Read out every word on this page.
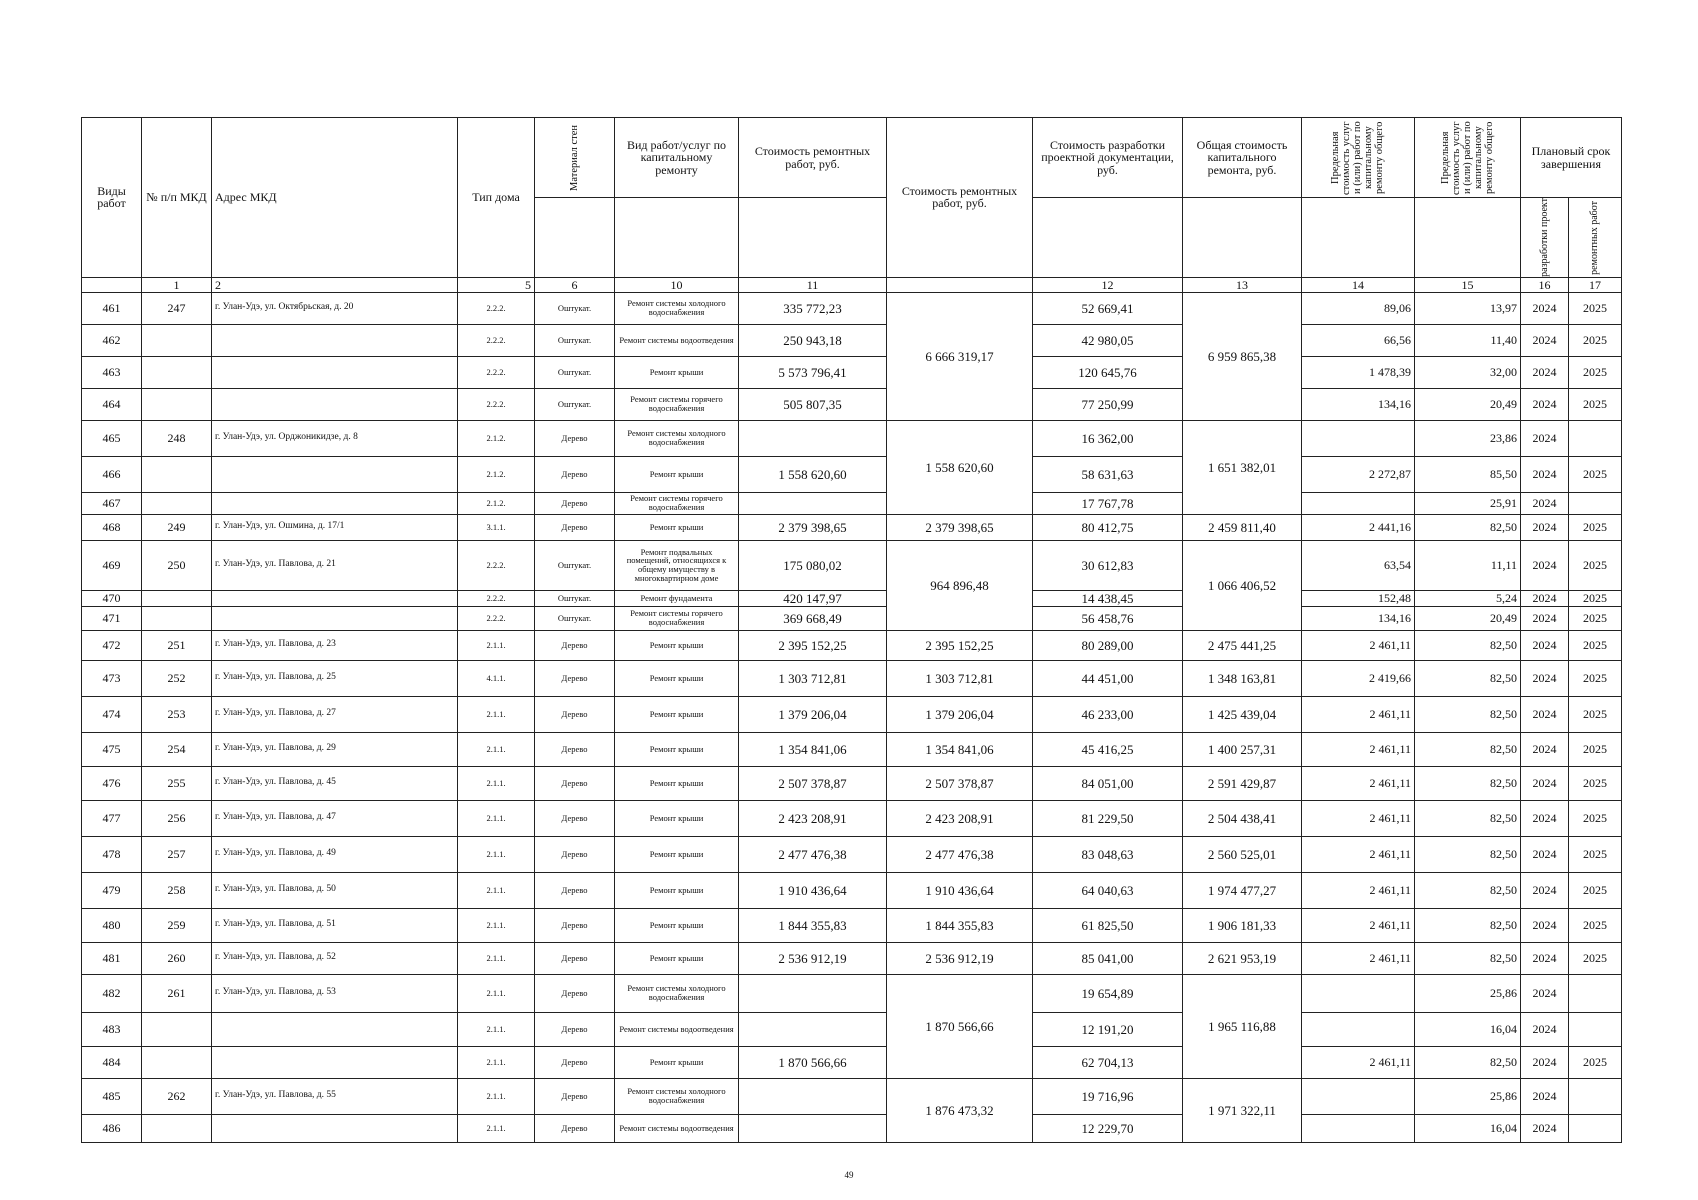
Виды работ	№ п/п МКД	Адрес МКД	Тип дома	Материал стен	Вид работ/услуг по капитальному ремонту	Стоимость ремонтных работ, руб.	Стоимость ремонтных работ, руб.	Стоимость разработки проектной документации, руб.	Общая стоимость капитального ремонта, руб.	Предельная стоимость услуг и (или) работ по капитальному ремонту общего	Предельная стоимость услуг и (или) работ по капитальному ремонту общего	Плановый срок завершения	

												разработки проект	ремонтных работ

	1	2	5	6	10	11		12	13	14	15	16	17
461	247	г. Улан-Удэ, ул. Октябрьская, д. 20	2.2.2.	Оштукат.	Ремонт системы холодного водоснабжения	335 772,23	6 666 319,17	52 669,41	6 959 865,38	89,06	13,97	2024	2025
462			2.2.2.	Оштукат.	Ремонт системы водоотведения	250 943,18		42 980,05		66,56	11,40	2024	2025
463			2.2.2.	Оштукат.	Ремонт крыши	5 573 796,41		120 645,76		1 478,39	32,00	2024	2025
464			2.2.2.	Оштукат.	Ремонт системы горячего водоснабжения	505 807,35		77 250,99		134,16	20,49	2024	2025
465	248	г. Улан-Удэ, ул. Орджоникидзе, д. 8	2.1.2.	Дерево	Ремонт системы холодного водоснабжения		1 558 620,60	16 362,00	1 651 382,01		23,86	2024	
466			2.1.2.	Дерево	Ремонт крыши	1 558 620,60		58 631,63		2 272,87	85,50	2024	2025
467			2.1.2.	Дерево	Ремонт системы горячего водоснабжения			17 767,78			25,91	2024	
468	249	г. Улан-Удэ, ул. Ошмина, д. 17/1	3.1.1.	Дерево	Ремонт крыши	2 379 398,65	2 379 398,65	80 412,75	2 459 811,40	2 441,16	82,50	2024	2025
469	250	г. Улан-Удэ, ул. Павлова, д. 21	2.2.2.	Оштукат.	Ремонт подвальных помещений, относящихся к общему имуществу в многоквартирном доме	175 080,02	964 896,48	30 612,83	1 066 406,52	63,54	11,11	2024	2025
470			2.2.2.	Оштукат.	Ремонт фундамента	420 147,97		14 438,45		152,48	5,24	2024	2025
471			2.2.2.	Оштукат.	Ремонт системы горячего водоснабжения	369 668,49		56 458,76		134,16	20,49	2024	2025
472	251	г. Улан-Удэ, ул. Павлова, д. 23	2.1.1.	Дерево	Ремонт крыши	2 395 152,25	2 395 152,25	80 289,00	2 475 441,25	2 461,11	82,50	2024	2025
473	252	г. Улан-Удэ, ул. Павлова, д. 25	4.1.1.	Дерево	Ремонт крыши	1 303 712,81	1 303 712,81	44 451,00	1 348 163,81	2 419,66	82,50	2024	2025
474	253	г. Улан-Удэ, ул. Павлова, д. 27	2.1.1.	Дерево	Ремонт крыши	1 379 206,04	1 379 206,04	46 233,00	1 425 439,04	2 461,11	82,50	2024	2025
475	254	г. Улан-Удэ, ул. Павлова, д. 29	2.1.1.	Дерево	Ремонт крыши	1 354 841,06	1 354 841,06	45 416,25	1 400 257,31	2 461,11	82,50	2024	2025
476	255	г. Улан-Удэ, ул. Павлова, д. 45	2.1.1.	Дерево	Ремонт крыши	2 507 378,87	2 507 378,87	84 051,00	2 591 429,87	2 461,11	82,50	2024	2025
477	256	г. Улан-Удэ, ул. Павлова, д. 47	2.1.1.	Дерево	Ремонт крыши	2 423 208,91	2 423 208,91	81 229,50	2 504 438,41	2 461,11	82,50	2024	2025
478	257	г. Улан-Удэ, ул. Павлова, д. 49	2.1.1.	Дерево	Ремонт крыши	2 477 476,38	2 477 476,38	83 048,63	2 560 525,01	2 461,11	82,50	2024	2025
479	258	г. Улан-Удэ, ул. Павлова, д. 50	2.1.1.	Дерево	Ремонт крыши	1 910 436,64	1 910 436,64	64 040,63	1 974 477,27	2 461,11	82,50	2024	2025
480	259	г. Улан-Удэ, ул. Павлова, д. 51	2.1.1.	Дерево	Ремонт крыши	1 844 355,83	1 844 355,83	61 825,50	1 906 181,33	2 461,11	82,50	2024	2025
481	260	г. Улан-Удэ, ул. Павлова, д. 52	2.1.1.	Дерево	Ремонт крыши	2 536 912,19	2 536 912,19	85 041,00	2 621 953,19	2 461,11	82,50	2024	2025
482	261	г. Улан-Удэ, ул. Павлова, д. 53	2.1.1.	Дерево	Ремонт системы холодного водоснабжения		1 870 566,66	19 654,89	1 965 116,88		25,86	2024	
483			2.1.1.	Дерево	Ремонт системы водоотведения			12 191,20			16,04	2024	
484			2.1.1.	Дерево	Ремонт крыши	1 870 566,66		62 704,13		2 461,11	82,50	2024	2025
485	262	г. Улан-Удэ, ул. Павлова, д. 55	2.1.1.	Дерево	Ремонт системы холодного водоснабжения		1 876 473,32	19 716,96	1 971 322,11		25,86	2024	
486			2.1.1.	Дерево	Ремонт системы водоотведения			12 229,70			16,04	2024	
49
